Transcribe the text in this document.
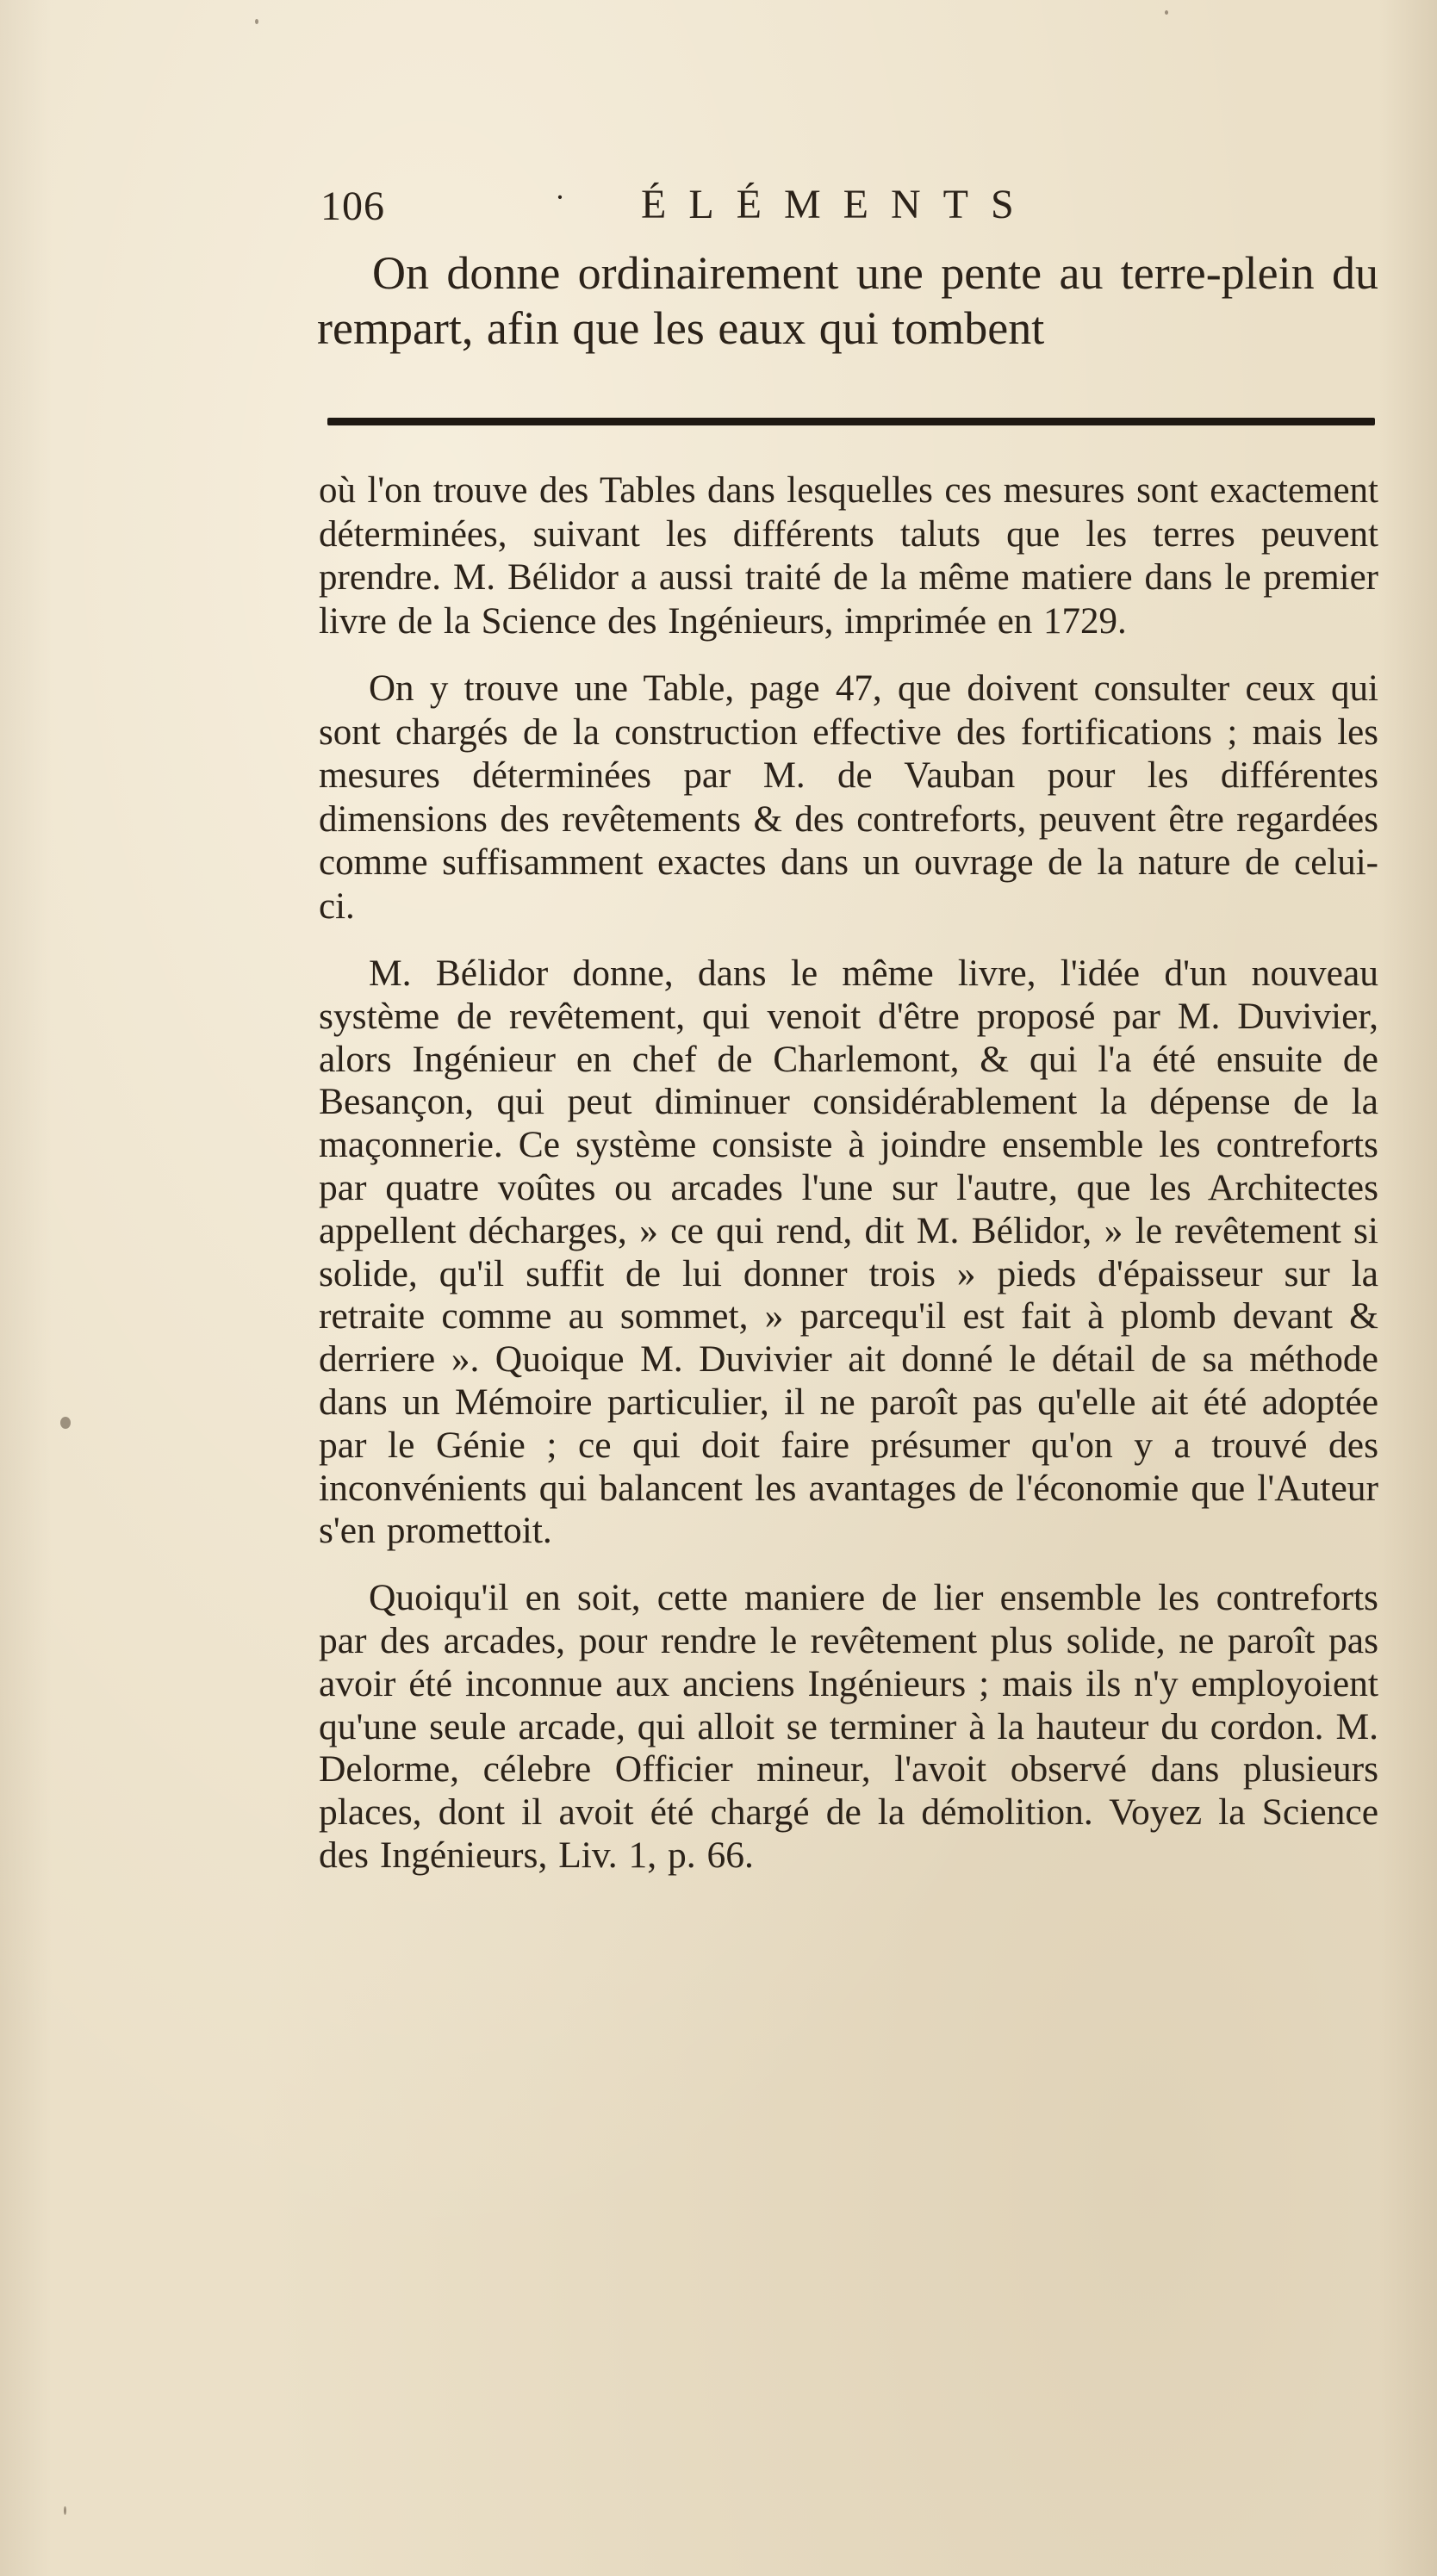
106	· ÉLÉMENTS

On donne ordinairement une pente au terre-plein du rempart, afin que les eaux qui tombent

où l'on trouve des Tables dans lesquelles ces mesures sont exactement déterminées, suivant les différents taluts que les terres peuvent prendre. M. Bélidor a aussi traité de la même matiere dans le premier livre de la Science des Ingénieurs, imprimée en 1729.

On y trouve une Table, page 47, que doivent consulter ceux qui sont chargés de la construction effective des fortifications ; mais les mesures déterminées par M. de Vauban pour les différentes dimensions des revêtements & des contreforts, peuvent être regardées comme suffisamment exactes dans un ouvrage de la nature de celui-ci.

M. Bélidor donne, dans le même livre, l'idée d'un nouveau système de revêtement, qui venoit d'être proposé par M. Duvivier, alors Ingénieur en chef de Charlemont, & qui l'a été ensuite de Besançon, qui peut diminuer considérablement la dépense de la maçonnerie. Ce système consiste à joindre ensemble les contreforts par quatre voûtes ou arcades l'une sur l'autre, que les Architectes appellent décharges, » ce qui rend, dit M. Bélidor, » le revêtement si solide, qu'il suffit de lui donner trois » pieds d'épaisseur sur la retraite comme au sommet, » parcequ'il est fait à plomb devant & derriere ». Quoique M. Duvivier ait donné le détail de sa méthode dans un Mémoire particulier, il ne paroît pas qu'elle ait été adoptée par le Génie ; ce qui doit faire présumer qu'on y a trouvé des inconvénients qui balancent les avantages de l'économie que l'Auteur s'en promettoit.

Quoiqu'il en soit, cette maniere de lier ensemble les contreforts par des arcades, pour rendre le revêtement plus solide, ne paroît pas avoir été inconnue aux anciens Ingénieurs ; mais ils n'y employoient qu'une seule arcade, qui alloit se terminer à la hauteur du cordon. M. Delorme, célebre Officier mineur, l'avoit observé dans plusieurs places, dont il avoit été chargé de la démolition. Voyez la Science des Ingénieurs, Liv. 1, p. 66.
